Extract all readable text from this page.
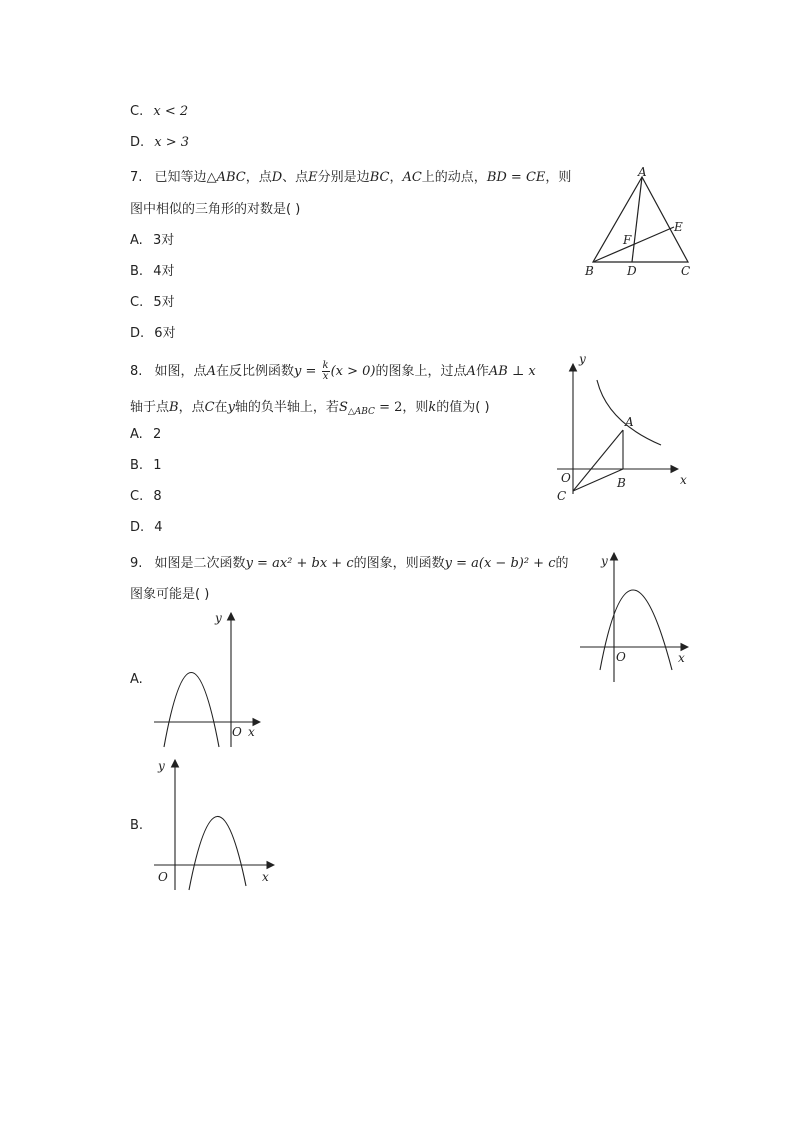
C. x < 2
D. x > 3
7. 已知等边△ABC，点D、点E分别是边BC，AC上的动点，BD = CE，则
图中相似的三角形的对数是( )
A. 3对
B. 4对
C. 5对
D. 6对
A
B	C
D
E
F
8. 如图，点A在反比例函数$y = \frac{k}{x} (x > 0)$的图象上，过点A作AB ⊥ x
轴于点B，点C在y轴的负半轴上，若$S_{\triangle ABC} = 2$，则k的值为( )
A. 2
B. 1
C. 8
D. 4
y
x
O
A
B
C
9. 如图是二次函数y = ax² + bx + c的图象，则函数y = a(x − b)² + c的
图象可能是( )
y
x
O
A.
y
x
O
B.
y
x
O
